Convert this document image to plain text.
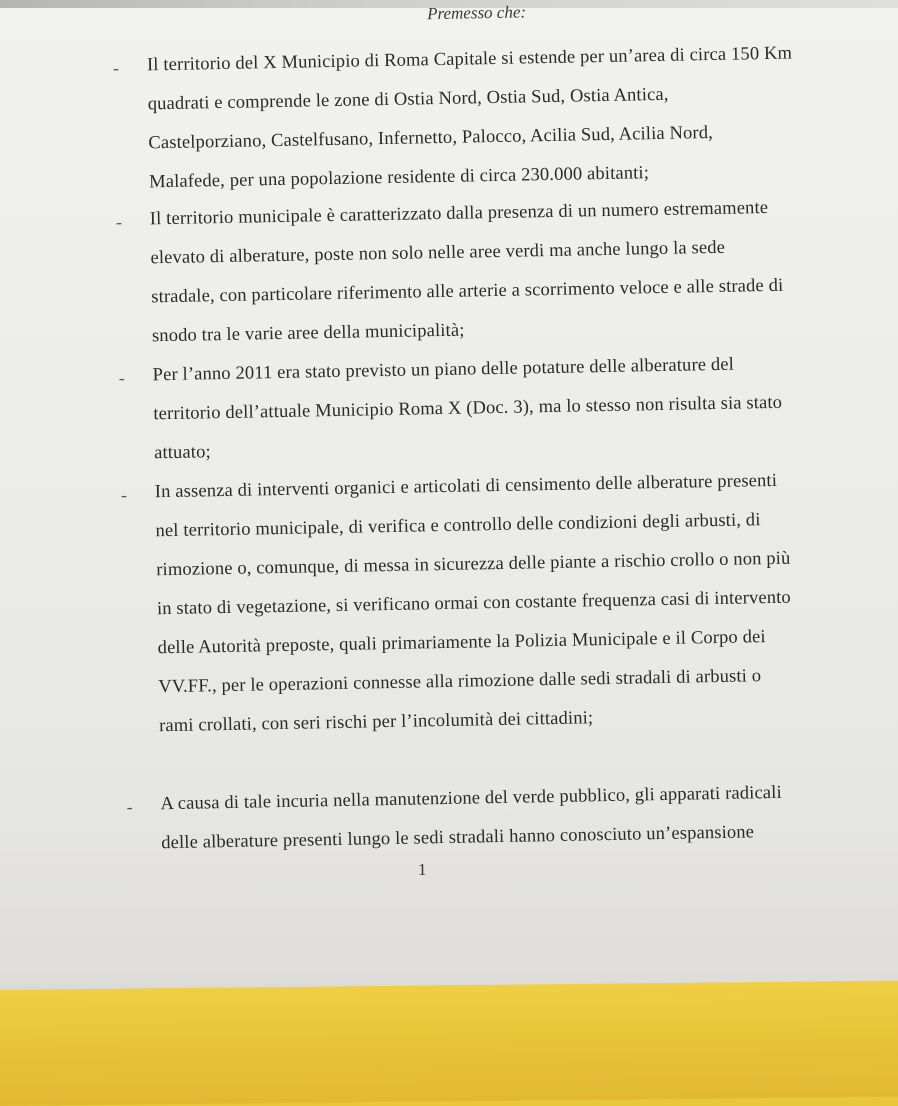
Premesso che:
- Il territorio del X Municipio di Roma Capitale si estende per un’area di circa 150 Km
quadrati e comprende le zone di Ostia Nord, Ostia Sud, Ostia Antica,
Castelporziano, Castelfusano, Infernetto, Palocco, Acilia Sud, Acilia Nord,
Malafede, per una popolazione residente di circa 230.000 abitanti;
- Il territorio municipale è caratterizzato dalla presenza di un numero estremamente
elevato di alberature, poste non solo nelle aree verdi ma anche lungo la sede
stradale, con particolare riferimento alle arterie a scorrimento veloce e alle strade di
snodo tra le varie aree della municipalità;
- Per l’anno 2011 era stato previsto un piano delle potature delle alberature del
territorio dell’attuale Municipio Roma X (Doc. 3), ma lo stesso non risulta sia stato
attuato;
- In assenza di interventi organici e articolati di censimento delle alberature presenti
nel territorio municipale, di verifica e controllo delle condizioni degli arbusti, di
rimozione o, comunque, di messa in sicurezza delle piante a rischio crollo o non più
in stato di vegetazione, si verificano ormai con costante frequenza casi di intervento
delle Autorità preposte, quali primariamente la Polizia Municipale e il Corpo dei
VV.FF., per le operazioni connesse alla rimozione dalle sedi stradali di arbusti o
rami crollati, con seri rischi per l’incolumità dei cittadini;
- A causa di tale incuria nella manutenzione del verde pubblico, gli apparati radicali
delle alberature presenti lungo le sedi stradali hanno conosciuto un’espansione
1
